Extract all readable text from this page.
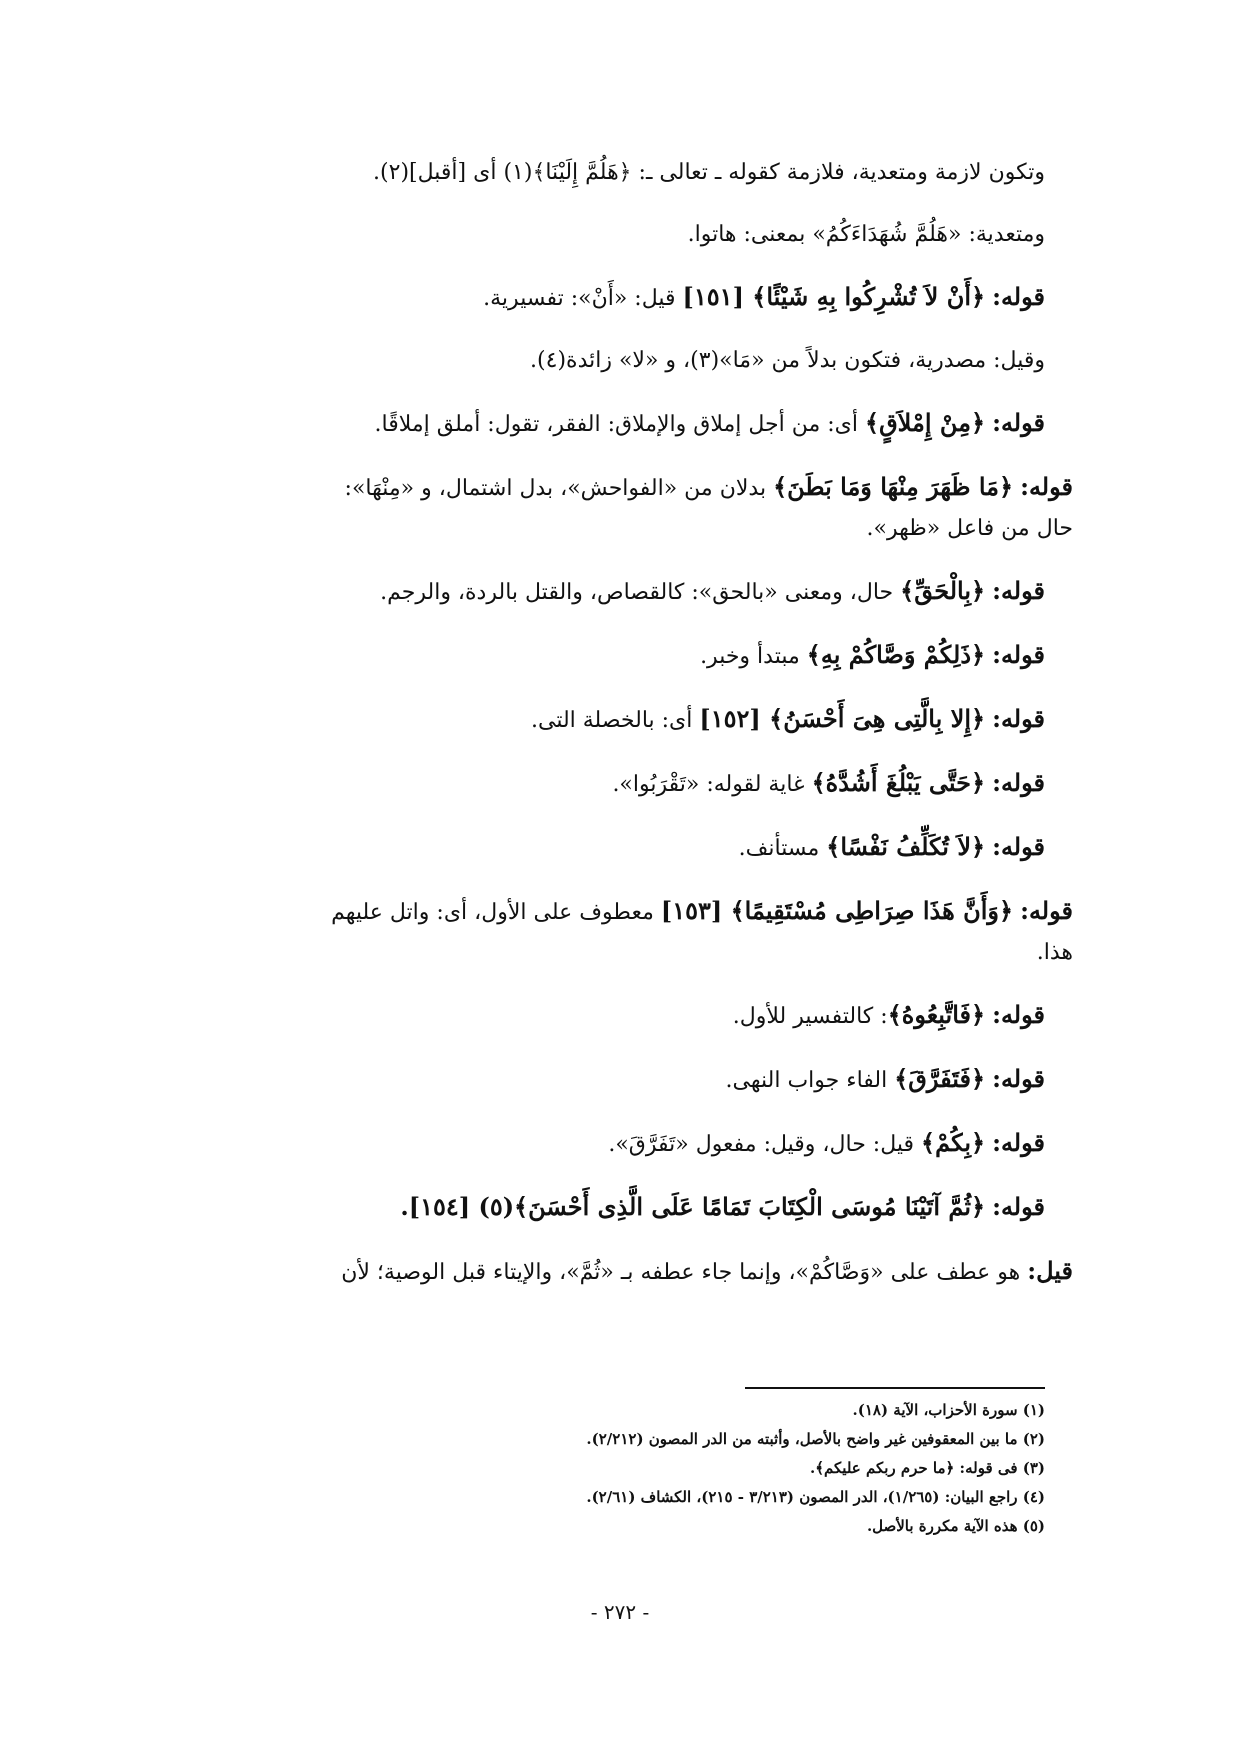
وتكون لازمة ومتعدية، فلازمة كقوله ـ تعالى ـ: ﴿هَلُمَّ إِلَيْنَا﴾(١) أى [أقبل](٢).

ومتعدية: «هَلُمَّ شُهَدَاءَكُمُ» بمعنى: هاتوا.

قوله: ﴿أَنْ لاَ تُشْرِكُوا بِهِ شَيْئًا﴾ [١٥١] قيل: «أَنْ»: تفسيرية.

وقيل: مصدرية، فتكون بدلاً من «مَا»(٣)، و «لا» زائدة(٤).

قوله: ﴿مِنْ إِمْلاَقٍ﴾ أى: من أجل إملاق والإملاق: الفقر، تقول: أملق إملاقًا.

قوله: ﴿مَا ظَهَرَ مِنْهَا وَمَا بَطَنَ﴾ بدلان من «الفواحش»، بدل اشتمال، و «مِنْهَا»:

حال من فاعل «ظهر».

قوله: ﴿بِالْحَقِّ﴾ حال، ومعنى «بالحق»: كالقصاص، والقتل بالردة، والرجم.

قوله: ﴿ذَلِكُمْ وَصَّاكُمْ بِهِ﴾ مبتدأ وخبر.

قوله: ﴿إِلا بِالَّتِى هِىَ أَحْسَنُ﴾ [١٥٢] أى: بالخصلة التى.

قوله: ﴿حَتَّى يَبْلُغَ أَشُدَّهُ﴾ غاية لقوله: «تَقْرَبُوا».

قوله: ﴿لاَ تُكَلِّفُ نَفْسًا﴾ مستأنف.

قوله: ﴿وَأَنَّ هَذَا صِرَاطِى مُسْتَقِيمًا﴾ [١٥٣] معطوف على الأول، أى: واتل عليهم

هذا.

قوله: ﴿فَاتَّبِعُوهُ﴾: كالتفسير للأول.

قوله: ﴿فَتَفَرَّقَ﴾ الفاء جواب النهى.

قوله: ﴿بِكُمْ﴾ قيل: حال، وقيل: مفعول «تَفَرَّقَ».

قوله: ﴿ثُمَّ آتَيْنَا مُوسَى الْكِتَابَ تَمَامًا عَلَى الَّذِى أَحْسَنَ﴾(٥) [١٥٤].

قيل: هو عطف على «وَصَّاكُمْ»، وإنما جاء عطفه بـ «ثُمَّ»، والإيتاء قبل الوصية؛ لأن

(١) سورة الأحزاب، الآية (١٨).

(٢) ما بين المعقوفين غير واضح بالأصل، وأثبته من الدر المصون (٢/٢١٢).

(٣) فى قوله: ﴿ما حرم ربكم عليكم﴾.

(٤) راجع البيان: (١/٢٦٥)، الدر المصون (٣/٢١٣ - ٢١٥)، الكشاف (٢/٦١).

(٥) هذه الآية مكررة بالأصل.

- ٢٧٢ -
